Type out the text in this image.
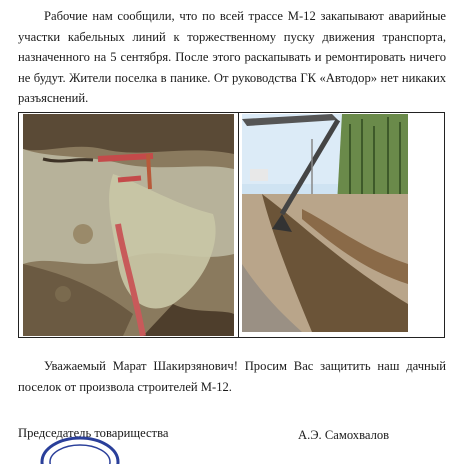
Рабочие нам сообщили, что по всей трассе М-12 закапывают аварийные участки кабельных линий к торжественному пуску движения транспорта, назначенного на 5 сентября. После этого раскапывать и ремонтировать ничего не будут. Жители поселка в панике. От руководства ГК «Автодор» нет никаких разъяснений.

Уважаемый Марат Шакирзянович! Просим Вас защитить наш дачный поселок от произвола строителей М-12.

Председатель товарищества	А.Э. Самохвалов
